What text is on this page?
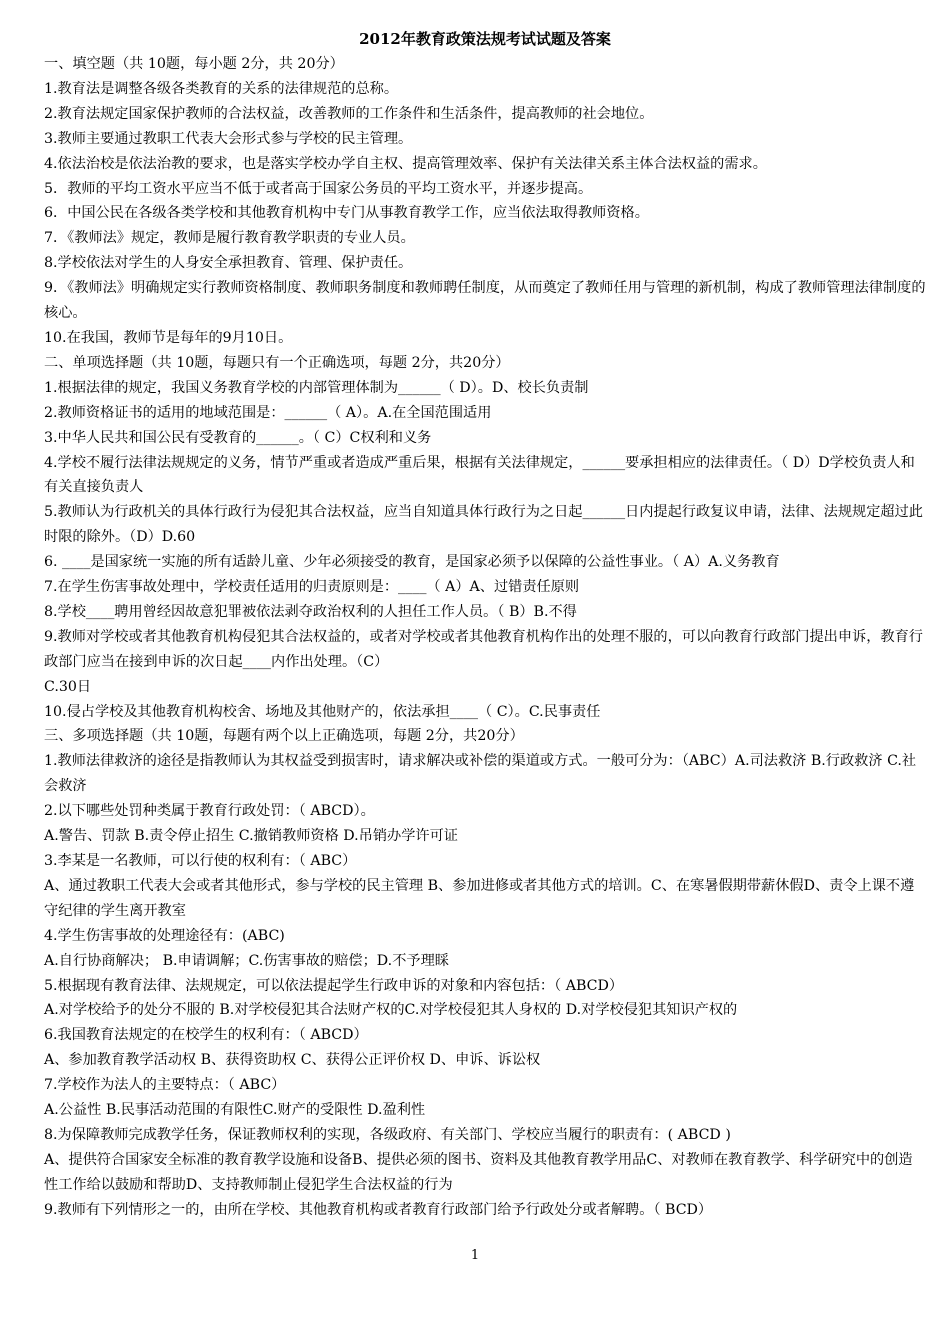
2012年教育政策法规考试试题及答案
一、填空题（共 10题，每小题 2分，共 20分）
1.教育法是调整各级各类教育的关系的法律规范的总称。
2.教育法规定国家保护教师的合法权益，改善教师的工作条件和生活条件，提高教师的社会地位。
3.教师主要通过教职工代表大会形式参与学校的民主管理。
4.依法治校是依法治教的要求，也是落实学校办学自主权、提高管理效率、保护有关法律关系主体合法权益的需求。
5．教师的平均工资水平应当不低于或者高于国家公务员的平均工资水平，并逐步提高。
6．中国公民在各级各类学校和其他教育机构中专门从事教育教学工作，应当依法取得教师资格。
7．《教师法》规定，教师是履行教育教学职责的专业人员。
8.学校依法对学生的人身安全承担教育、管理、保护责任。
9．《教师法》明确规定实行教师资格制度、教师职务制度和教师聘任制度，从而奠定了教师任用与管理的新机制，构成了教师管理法律制度的核心。
10.在我国，教师节是每年的9月10日。
二、单项选择题（共 10题，每题只有一个正确选项，每题 2分，共20分）
1.根据法律的规定，我国义务教育学校的内部管理体制为______（ D）。D、校长负责制
2.教师资格证书的适用的地域范围是：______（ A）。A.在全国范围适用
3.中华人民共和国公民有受教育的______。（ C）C权利和义务
4.学校不履行法律法规规定的义务，情节严重或者造成严重后果，根据有关法律规定，______要承担相应的法律责任。（ D）D学校负责人和有关直接负责人
5.教师认为行政机关的具体行政行为侵犯其合法权益，应当自知道具体行政行为之日起______日内提起行政复议申请，法律、法规规定超过此时限的除外。（D）D.60
6. ____是国家统一实施的所有适龄儿童、少年必须接受的教育，是国家必须予以保障的公益性事业。（ A）A.义务教育
7.在学生伤害事故处理中，学校责任适用的归责原则是：____（ A）A、过错责任原则
8.学校____聘用曾经因故意犯罪被依法剥夺政治权利的人担任工作人员。（ B）B.不得
9.教师对学校或者其他教育机构侵犯其合法权益的，或者对学校或者其他教育机构作出的处理不服的，可以向教育行政部门提出申诉，教育行政部门应当在接到申诉的次日起____内作出处理。（C）
C.30日
10.侵占学校及其他教育机构校舍、场地及其他财产的，依法承担____（ C）。C.民事责任
三、多项选择题（共 10题，每题有两个以上正确选项，每题 2分，共20分）
1.教师法律救济的途径是指教师认为其权益受到损害时，请求解决或补偿的渠道或方式。一般可分为：（ABC）A.司法救济 B.行政救济 C.社会救济
2.以下哪些处罚种类属于教育行政处罚：（ ABCD）。
A.警告、罚款 B.责令停止招生 C.撤销教师资格 D.吊销办学许可证
3.李某是一名教师，可以行使的权利有：（ ABC）
A、通过教职工代表大会或者其他形式，参与学校的民主管理 B、参加进修或者其他方式的培训。C、在寒暑假期带薪休假D、责令上课不遵守纪律的学生离开教室
4.学生伤害事故的处理途径有：(ABC)
A.自行协商解决； B.申请调解；C.伤害事故的赔偿；D.不予理睬
5.根据现有教育法律、法规规定，可以依法提起学生行政申诉的对象和内容包括：（ ABCD）
A.对学校给予的处分不服的 B.对学校侵犯其合法财产权的C.对学校侵犯其人身权的 D.对学校侵犯其知识产权的
6.我国教育法规定的在校学生的权利有：（ ABCD）
A、参加教育教学活动权 B、获得资助权 C、获得公正评价权 D、申诉、诉讼权
7.学校作为法人的主要特点：（ ABC）
A.公益性 B.民事活动范围的有限性C.财产的受限性 D.盈利性
8.为保障教师完成教学任务，保证教师权利的实现，各级政府、有关部门、学校应当履行的职责有：( ABCD )
A、提供符合国家安全标准的教育教学设施和设备B、提供必须的图书、资料及其他教育教学用品C、对教师在教育教学、科学研究中的创造性工作给以鼓励和帮助D、支持教师制止侵犯学生合法权益的行为
9.教师有下列情形之一的，由所在学校、其他教育机构或者教育行政部门给予行政处分或者解聘。（ BCD）
1
